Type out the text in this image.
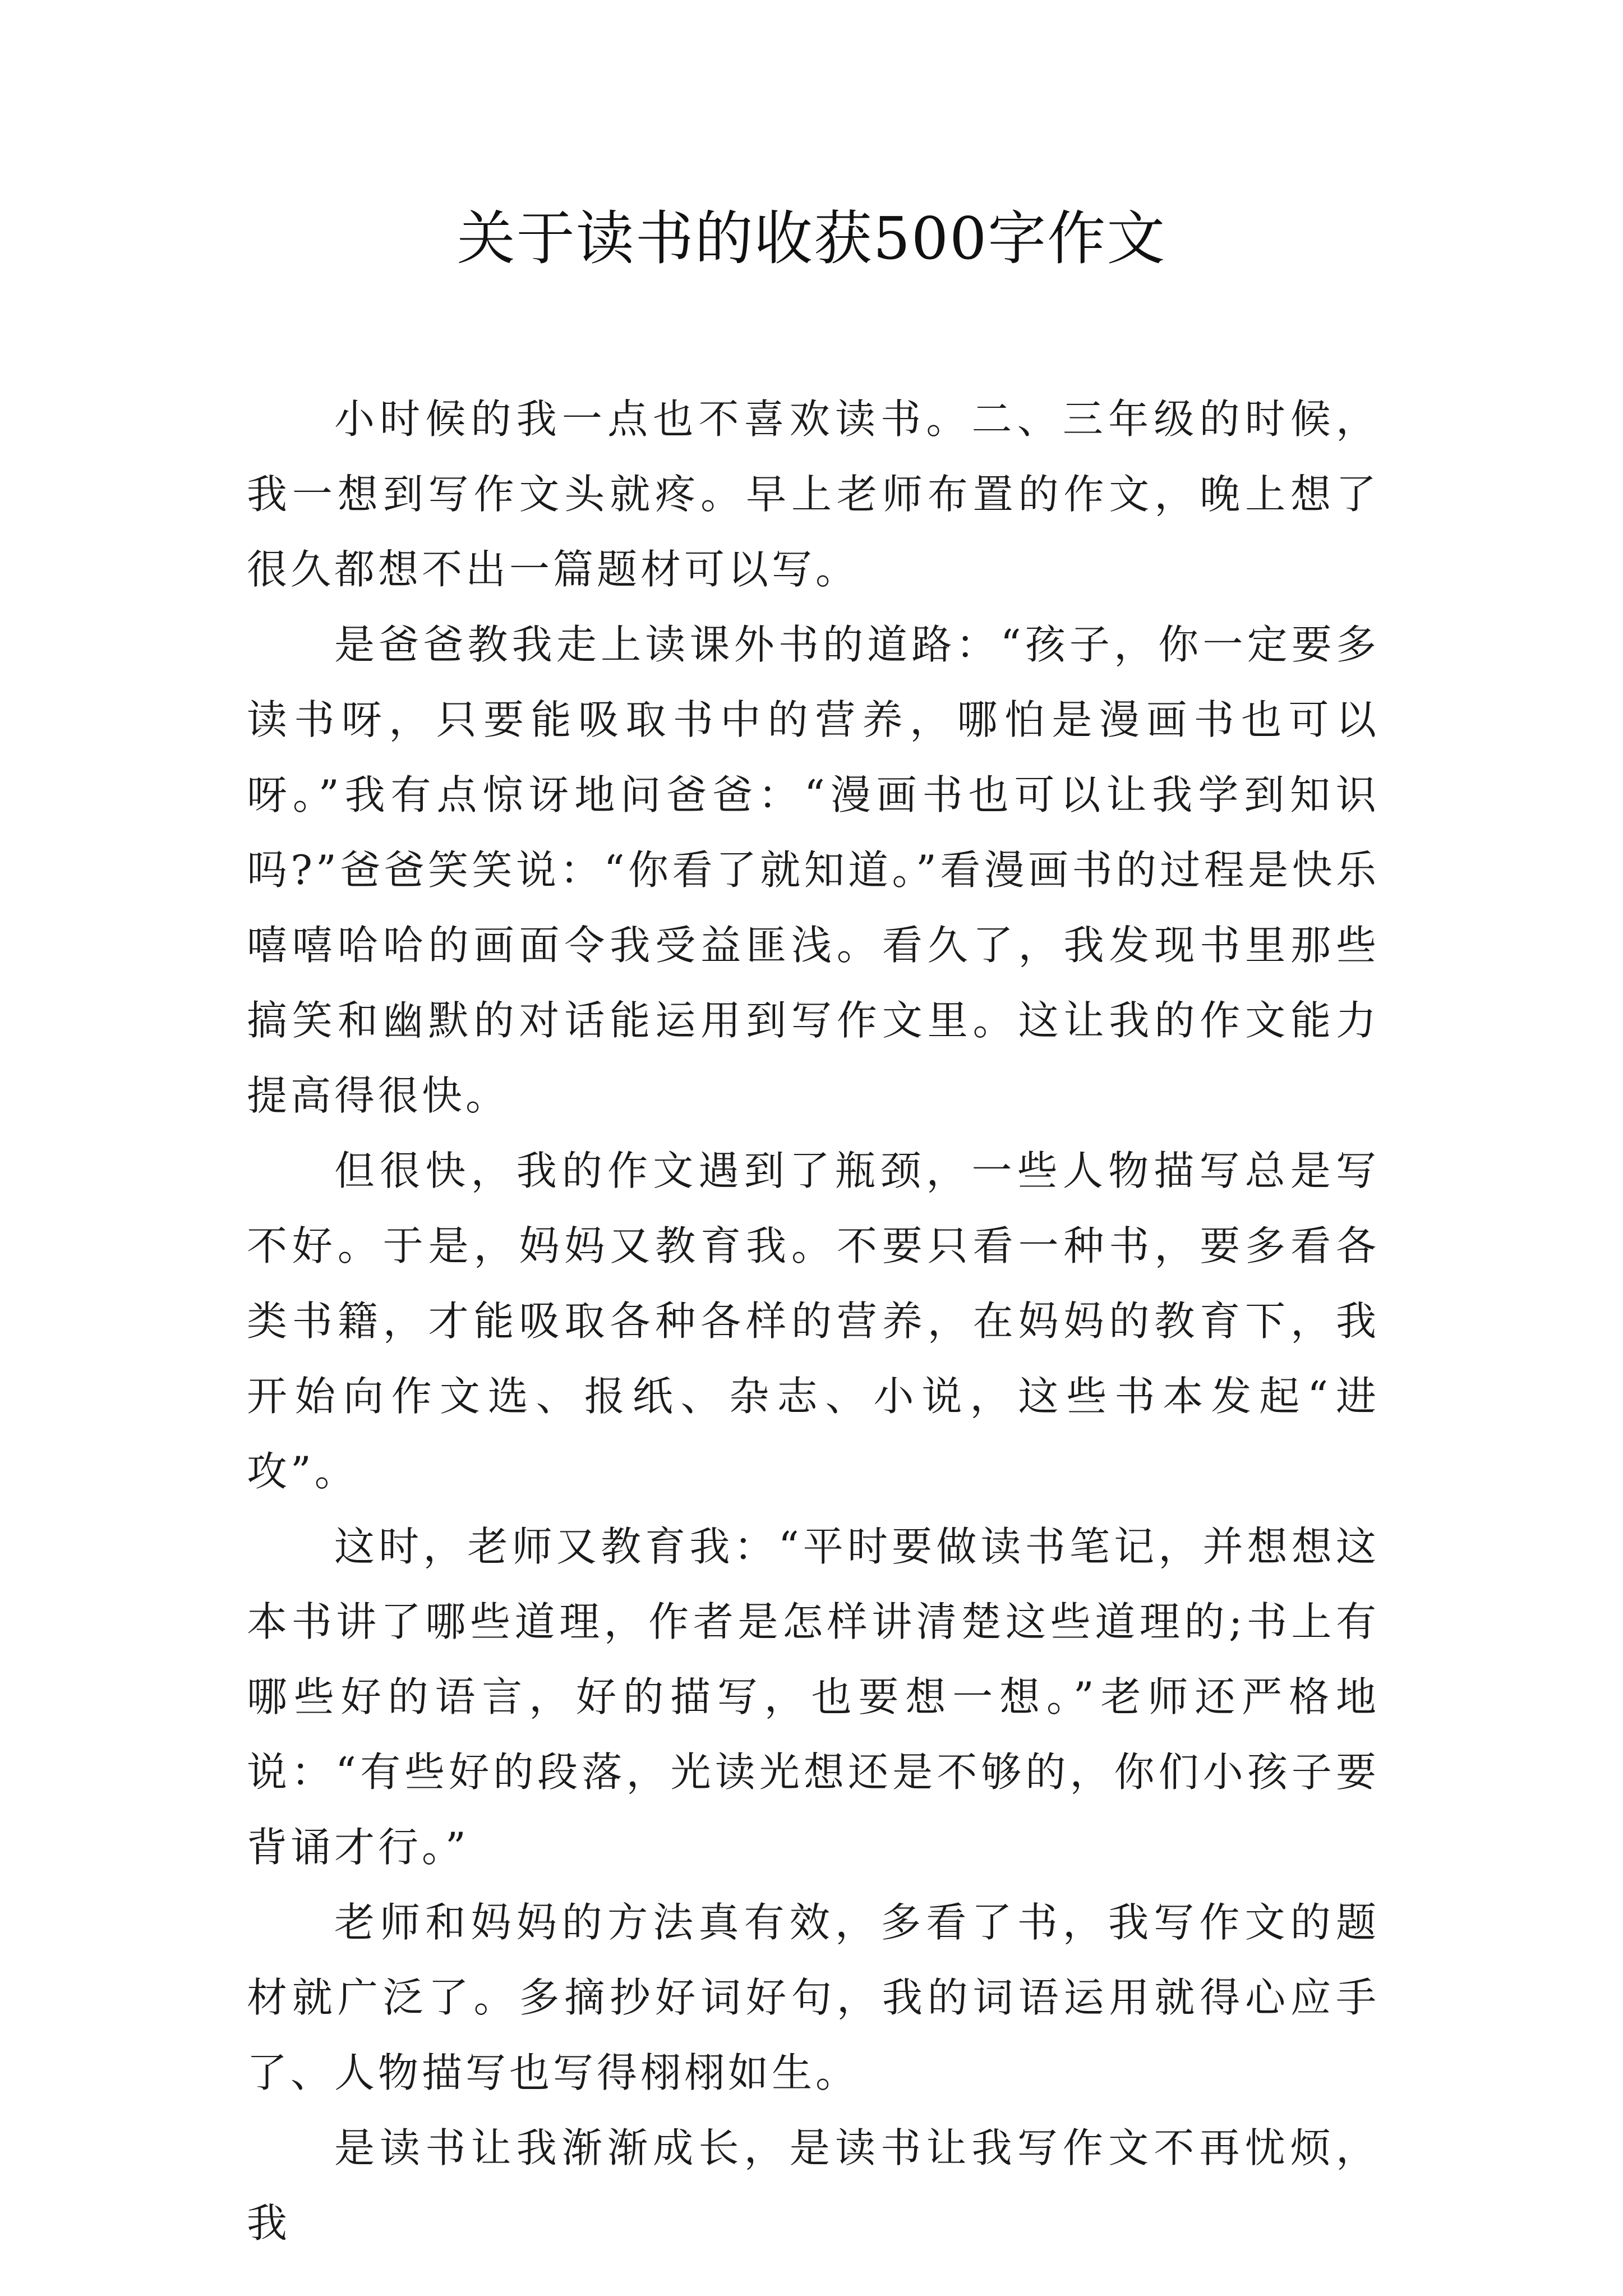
关于读书的收获500字作文

小时候的我一点也不喜欢读书。二、三年级的时候，我一想到写作文头就疼。早上老师布置的作文，晚上想了很久都想不出一篇题材可以写。

是爸爸教我走上读课外书的道路：“孩子，你一定要多读书呀，只要能吸取书中的营养，哪怕是漫画书也可以呀。”我有点惊讶地问爸爸：“漫画书也可以让我学到知识吗?”爸爸笑笑说：“你看了就知道。”看漫画书的过程是快乐嘻嘻哈哈的画面令我受益匪浅。看久了，我发现书里那些搞笑和幽默的对话能运用到写作文里。这让我的作文能力提高得很快。

但很快，我的作文遇到了瓶颈，一些人物描写总是写不好。于是，妈妈又教育我。不要只看一种书，要多看各类书籍，才能吸取各种各样的营养，在妈妈的教育下，我开始向作文选、报纸、杂志、小说，这些书本发起“进攻”。

这时，老师又教育我：“平时要做读书笔记，并想想这本书讲了哪些道理，作者是怎样讲清楚这些道理的;书上有哪些好的语言，好的描写，也要想一想。”老师还严格地说：“有些好的段落，光读光想还是不够的，你们小孩子要背诵才行。”

老师和妈妈的方法真有效，多看了书，我写作文的题材就广泛了。多摘抄好词好句，我的词语运用就得心应手了、人物描写也写得栩栩如生。

是读书让我渐渐成长，是读书让我写作文不再忧烦，我
